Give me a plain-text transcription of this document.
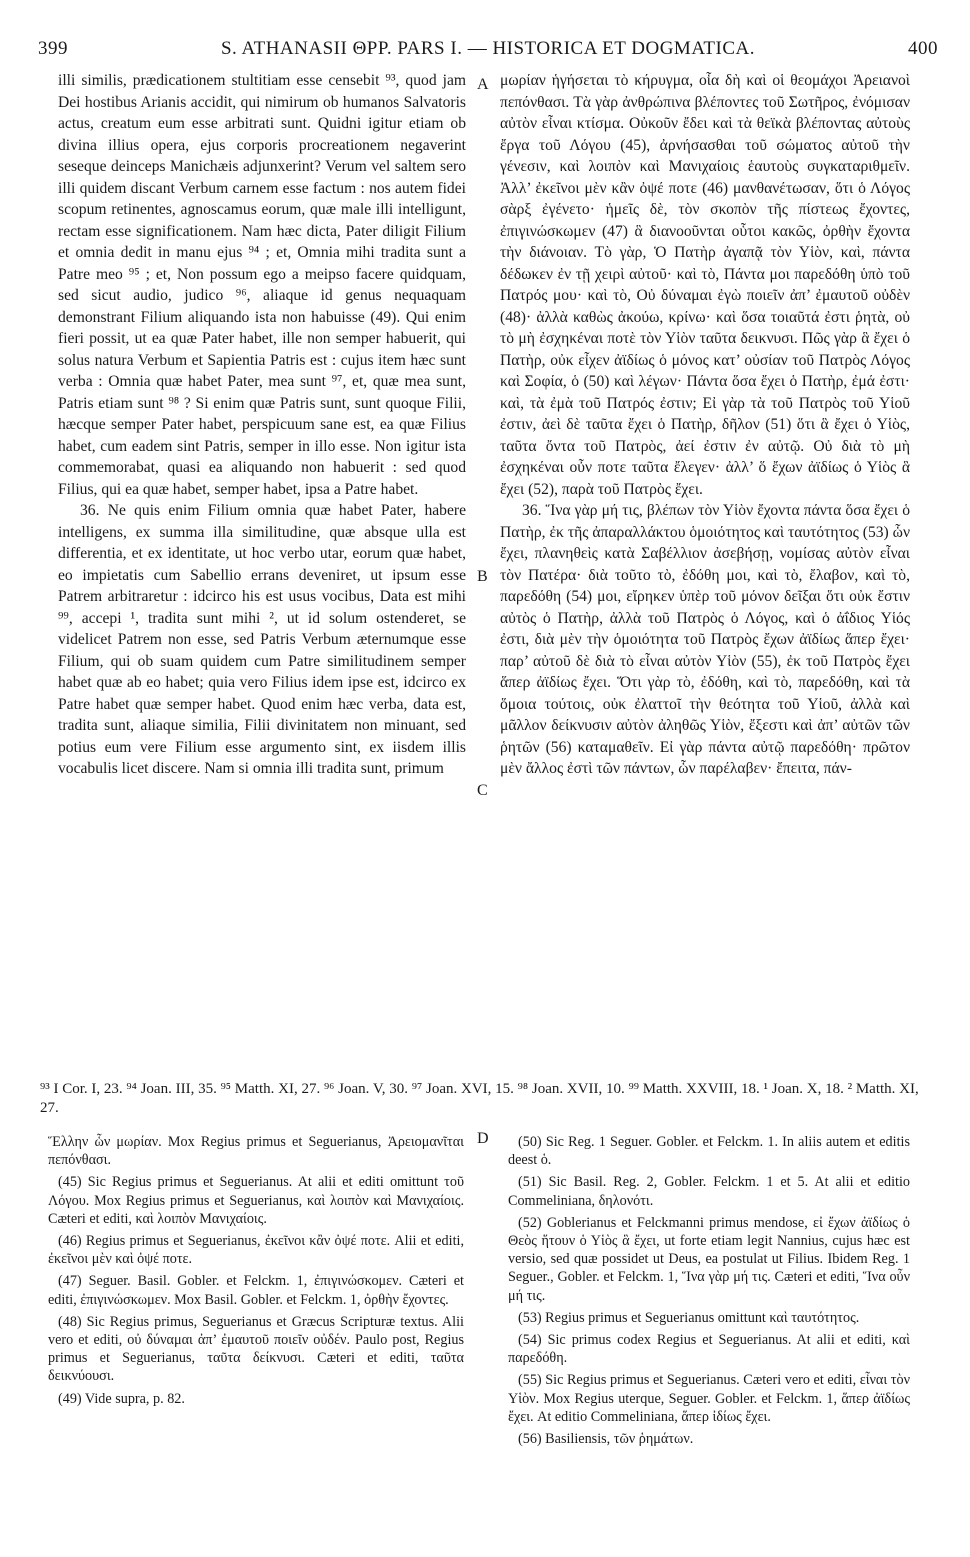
399	S. ATHANASII ΘΡΡ. PARS I. — HISTORICA ET DOGMATICA.	400
A
B
C
D

illi similis, prædicationem stultitiam esse censebit ⁹³, quod jam Dei hostibus Arianis accidit, qui nimirum ob humanos Salvatoris actus, creatum eum esse arbitrati sunt. Quidni igitur etiam ob divina illius opera, ejus corporis procreationem negaverint seseque deinceps Manichæis adjunxerint? Verum vel saltem sero illi quidem discant Verbum carnem esse factum : nos autem fidei scopum retinentes, agnoscamus eorum, quæ male illi intelligunt, rectam esse significationem. Nam hæc dicta, Pater diligit Filium et omnia dedit in manu ejus ⁹⁴ ; et, Omnia mihi tradita sunt a Patre meo ⁹⁵ ; et, Non possum ego a meipso facere quidquam, sed sicut audio, judico ⁹⁶, aliaque id genus nequaquam demonstrant Filium aliquando ista non habuisse (49). Qui enim fieri possit, ut ea quæ Pater habet, ille non semper habuerit, qui solus natura Verbum et Sapientia Patris est : cujus item hæc sunt verba : Omnia quæ habet Pater, mea sunt ⁹⁷, et, quæ mea sunt, Patris etiam sunt ⁹⁸ ? Si enim quæ Patris sunt, sunt quoque Filii, hæcque semper Pater habet, perspicuum sane est, ea quæ Filius habet, cum eadem sint Patris, semper in illo esse. Non igitur ista commemorabat, quasi ea aliquando non habuerit : sed quod Filius, qui ea quæ habet, semper habet, ipsa a Patre habet.

36. Ne quis enim Filium omnia quæ habet Pater, habere intelligens, ex summa illa similitudine, quæ absque ulla est differentia, et ex identitate, ut hoc verbo utar, eorum quæ habet, eo impietatis cum Sabellio errans deveniret, ut ipsum esse Patrem arbitraretur : idcirco his est usus vocibus, Data est mihi ⁹⁹, accepi ¹, tradita sunt mihi ², ut id solum ostenderet, se videlicet Patrem non esse, sed Patris Verbum æternumque esse Filium, qui ob suam quidem cum Patre similitudinem semper habet quæ ab eo habet; quia vero Filius idem ipse est, idcirco ex Patre habet quæ semper habet. Quod enim hæc verba, data est, tradita sunt, aliaque similia, Filii divinitatem non minuant, sed potius eum vere Filium esse argumento sint, ex iisdem illis vocabulis licet discere. Nam si omnia illi tradita sunt, primum

μωρίαν ἡγήσεται τὸ κήρυγμα, οἷα δὴ καὶ οἱ θεομάχοι Ἀρειανοὶ πεπόνθασι. Τὰ γὰρ ἀνθρώπινα βλέποντες τοῦ Σωτῆρος, ἐνόμισαν αὐτὸν εἶναι κτίσμα. Οὐκοῦν ἔδει καὶ τὰ θεϊκὰ βλέποντας αὐτοὺς ἔργα τοῦ Λόγου (45), ἀρνήσασθαι τοῦ σώματος αὐτοῦ τὴν γένεσιν, καὶ λοιπὸν καὶ Μανιχαίοις ἑαυτοὺς συγκαταριθμεῖν. Ἀλλ’ ἐκεῖνοι μὲν κἂν ὀψέ ποτε (46) μανθανέτωσαν, ὅτι ὁ Λόγος σὰρξ ἐγένετο· ἡμεῖς δὲ, τὸν σκοπὸν τῆς πίστεως ἔχοντες, ἐπιγινώσκωμεν (47) ἃ διανοοῦνται οὗτοι κακῶς, ὀρθὴν ἔχοντα τὴν διάνοιαν. Τὸ γὰρ, Ὁ Πατὴρ ἀγαπᾷ τὸν Υἱὸν, καὶ, πάντα δέδωκεν ἐν τῇ χειρὶ αὐτοῦ· καὶ τὸ, Πάντα μοι παρεδόθη ὑπὸ τοῦ Πατρός μου· καὶ τὸ, Οὐ δύναμαι ἐγὼ ποιεῖν ἀπ’ ἐμαυτοῦ οὐδὲν (48)· ἀλλὰ καθὼς ἀκούω, κρίνω· καὶ ὅσα τοιαῦτά ἐστι ῥητὰ, οὐ τὸ μὴ ἐσχηκέναι ποτὲ τὸν Υἱὸν ταῦτα δεικνυσι. Πῶς γὰρ ἃ ἔχει ὁ Πατὴρ, οὐκ εἶχεν ἀϊδίως ὁ μόνος κατ’ οὐσίαν τοῦ Πατρὸς Λόγος καὶ Σοφία, ὁ (50) καὶ λέγων· Πάντα ὅσα ἔχει ὁ Πατὴρ, ἐμά ἐστι· καὶ, τὰ ἐμὰ τοῦ Πατρός ἐστιν; Εἰ γὰρ τὰ τοῦ Πατρὸς τοῦ Υἱοῦ ἐστιν, ἀεὶ δὲ ταῦτα ἔχει ὁ Πατὴρ, δῆλον (51) ὅτι ἃ ἔχει ὁ Υἱὸς, ταῦτα ὄντα τοῦ Πατρὸς, ἀεί ἐστιν ἐν αὐτῷ. Οὐ διὰ τὸ μὴ ἐσχηκέναι οὖν ποτε ταῦτα ἔλεγεν· ἀλλ’ ὅ ἔχων ἀϊδίως ὁ Υἱὸς ἃ ἔχει (52), παρὰ τοῦ Πατρὸς ἔχει.

36. Ἵνα γὰρ μή τις, βλέπων τὸν Υἱὸν ἔχοντα πάντα ὅσα ἔχει ὁ Πατὴρ, ἐκ τῆς ἀπαραλλάκτου ὁμοιότητος καὶ ταυτότητος (53) ὧν ἔχει, πλανηθεὶς κατὰ Σαβέλλιον ἀσεβήσῃ, νομίσας αὐτὸν εἶναι τὸν Πατέρα· διὰ τοῦτο τὸ, ἐδόθη μοι, καὶ τὸ, ἔλαβον, καὶ τὸ, παρεδόθη (54) μοι, εἴρηκεν ὑπὲρ τοῦ μόνον δεῖξαι ὅτι οὐκ ἔστιν αὐτὸς ὁ Πατὴρ, ἀλλὰ τοῦ Πατρὸς ὁ Λόγος, καὶ ὁ ἀΐδιος Υἱός ἐστι, διὰ μὲν τὴν ὁμοιότητα τοῦ Πατρὸς ἔχων ἀϊδίως ἅπερ ἔχει· παρ’ αὐτοῦ δὲ διὰ τὸ εἶναι αὐτὸν Υἱὸν (55), ἐκ τοῦ Πατρὸς ἔχει ἅπερ ἀϊδίως ἔχει. Ὅτι γὰρ τὸ, ἐδόθη, καὶ τὸ, παρεδόθη, καὶ τὰ ὅμοια τούτοις, οὐκ ἐλαττοῖ τὴν θεότητα τοῦ Υἱοῦ, ἀλλὰ καὶ μᾶλλον δείκνυσιν αὐτὸν ἀληθῶς Υἱὸν, ἔξεστι καὶ ἀπ’ αὐτῶν τῶν ῥητῶν (56) καταμαθεῖν. Εἰ γὰρ πάντα αὐτῷ παρεδόθη· πρῶτον μὲν ἄλλος ἐστὶ τῶν πάντων, ὧν παρέλαβεν· ἔπειτα, πάν-

⁹³ I Cor. I, 23. ⁹⁴ Joan. III, 35. ⁹⁵ Matth. XI, 27. ⁹⁶ Joan. V, 30. ⁹⁷ Joan. XVI, 15. ⁹⁸ Joan. XVII, 10. ⁹⁹ Matth. XXVIII, 18. ¹ Joan. X, 18. ² Matth. XI, 27.

Ἕλλην ὧν μωρίαν. Mox Regius primus et Seguerianus, Ἀρειομανῖται πεπόνθασι.

(45) Sic Regius primus et Seguerianus. At alii et editi omittunt τοῦ Λόγου. Mox Regius primus et Seguerianus, καὶ λοιπὸν καὶ Μανιχαίοις. Cæteri et editi, καὶ λοιπὸν Μανιχαίοις.

(46) Regius primus et Seguerianus, ἐκεῖνοι κἂν ὀψέ ποτε. Alii et editi, ἐκεῖνοι μὲν καὶ ὀψέ ποτε.

(47) Seguer. Basil. Gobler. et Felckm. 1, ἐπιγινώσκομεν. Cæteri et editi, ἐπιγινώσκωμεν. Mox Basil. Gobler. et Felckm. 1, ὀρθὴν ἔχοντες.

(48) Sic Regius primus, Seguerianus et Græcus Scripturæ textus. Alii vero et editi, οὐ δύναμαι ἀπ’ ἐμαυτοῦ ποιεῖν οὐδέν. Paulo post, Regius primus et Seguerianus, ταῦτα δείκνυσι. Cæteri et editi, ταῦτα δεικνύουσι.

(49) Vide supra, p. 82.

(50) Sic Reg. 1 Seguer. Gobler. et Felckm. 1. In aliis autem et editis deest ὁ.

(51) Sic Basil. Reg. 2, Gobler. Felckm. 1 et 5. At alii et editio Commeliniana, δηλονότι.

(52) Goblerianus et Felckmanni primus mendose, εἰ ἔχων ἀϊδίως ὁ Θεὸς ἥτουν ὁ Υἱὸς ἃ ἔχει, ut forte etiam legit Nannius, cujus hæc est versio, sed quæ possidet ut Deus, ea postulat ut Filius. Ibidem Reg. 1 Seguer., Gobler. et Felckm. 1, Ἵνα γὰρ μή τις. Cæteri et editi, Ἵνα οὖν μή τις.

(53) Regius primus et Seguerianus omittunt καὶ ταυτότητος.

(54) Sic primus codex Regius et Seguerianus. At alii et editi, καὶ παρεδόθη.

(55) Sic Regius primus et Seguerianus. Cæteri vero et editi, εἶναι τὸν Υἱὸν. Mox Regius uterque, Seguer. Gobler. et Felckm. 1, ἅπερ ἀϊδίως ἔχει. At editio Commeliniana, ἅπερ ἰδίως ἔχει.

(56) Basiliensis, τῶν ῥημάτων.
